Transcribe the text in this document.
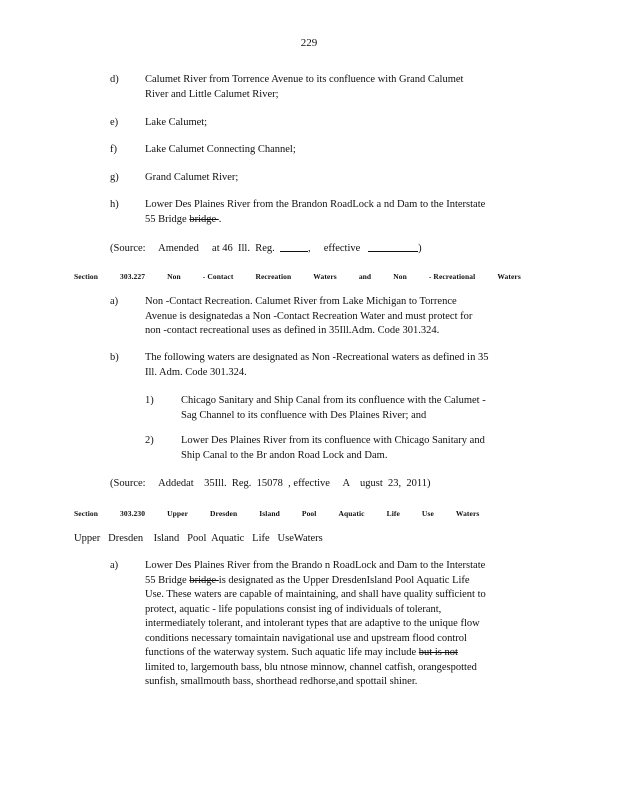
229
d)	Calumet River from Torrence Avenue to its confluence with Grand Calumet
River and Little Calumet River;
e)	Lake Calumet;
f)	Lake Calumet Connecting Channel;
g)	Grand Calumet River;
h)	Lower Des Plaines River from the Brandon RoadLock a nd Dam to the Interstate
55 Bridge bridge .
(Source:     Amended     at 46  Ill.  Reg.	,     effective	)
Section	303.227	Non	- Contact	Recreation	Waters	and	Non	- Recreational	Waters
a)	Non -Contact Recreation. Calumet River from Lake Michigan to Torrence
Avenue is designatedas a Non -Contact Recreation Water and must protect for
non -contact recreational uses as defined in 35Ill.Adm. Code 301.324.
b)	The following waters are designated as Non -Recreational waters as defined in 35
Ill. Adm. Code 301.324.
1)	Chicago Sanitary and Ship Canal from its confluence with the Calumet -
Sag Channel to its confluence with Des Plaines River; and
2)	Lower Des Plaines River from its confluence with Chicago Sanitary and
Ship Canal to the Br andon Road Lock and Dam.
(Source:     Addedat    35Ill.  Reg.  15078  , effective     A    ugust  23,  2011)
Section	303.230	Upper	Dresden	Island	Pool	Aquatic	Life	Use	Waters
Upper   Dresden    Island   Pool  Aquatic   Life   UseWaters
a)	Lower Des Plaines River from the Brando n RoadLock and Dam to the Interstate
55 Bridge bridge is designated as the Upper DresdenIsland Pool Aquatic Life
Use. These waters are capable of maintaining, and shall have quality sufficient to
protect, aquatic - life populations consist ing of individuals of tolerant,
intermediately tolerant, and intolerant types that are adaptive to the unique flow
conditions necessary tomaintain navigational use and upstream flood control
functions of the waterway system. Such aquatic life may include but is not
limited to, largemouth bass, blu ntnose minnow, channel catfish, orangespotted
sunfish, smallmouth bass, shorthead redhorse,and spottail shiner.
